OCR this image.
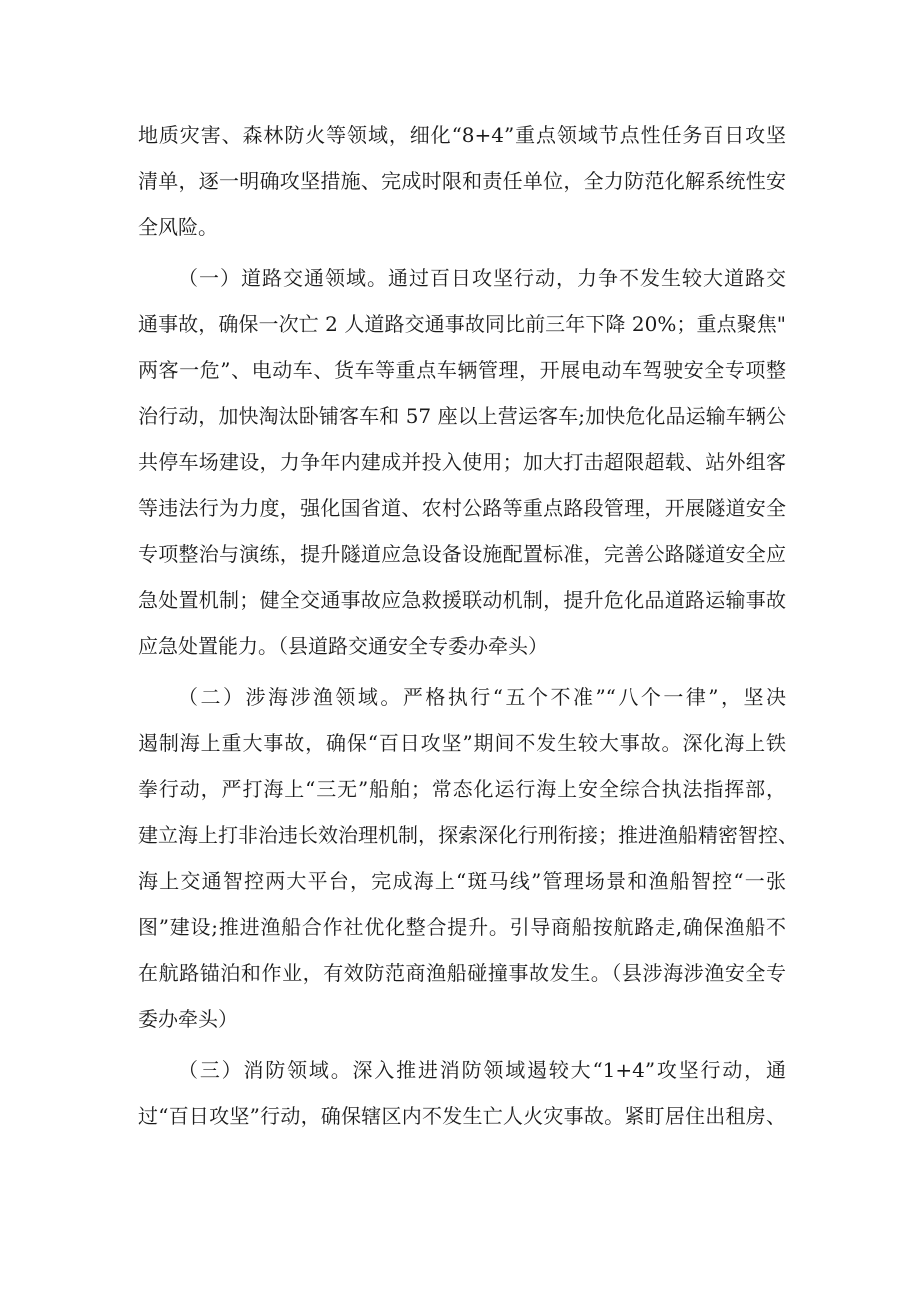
地质灾害、森林防火等领域，细化“8+4”重点领域节点性任务百日攻坚
清单，逐一明确攻坚措施、完成时限和责任单位，全力防范化解系统性安
全风险。
（一）道路交通领域。通过百日攻坚行动，力争不发生较大道路交
通事故，确保一次亡 2 人道路交通事故同比前三年下降 20%；重点聚焦"
两客一危”、电动车、货车等重点车辆管理，开展电动车驾驶安全专项整
治行动，加快淘汰卧铺客车和 57 座以上营运客车;加快危化品运输车辆公
共停车场建设，力争年内建成并投入使用；加大打击超限超载、站外组客
等违法行为力度，强化国省道、农村公路等重点路段管理，开展隧道安全
专项整治与演练，提升隧道应急设备设施配置标准，完善公路隧道安全应
急处置机制；健全交通事故应急救援联动机制，提升危化品道路运输事故
应急处置能力。（县道路交通安全专委办牵头）
（二）涉海涉渔领域。严格执行“五个不准”“八个一律”，坚决
遏制海上重大事故，确保“百日攻坚”期间不发生较大事故。深化海上铁
拳行动，严打海上“三无”船舶；常态化运行海上安全综合执法指挥部，
建立海上打非治违长效治理机制，探索深化行刑衔接；推进渔船精密智控、
海上交通智控两大平台，完成海上“斑马线”管理场景和渔船智控“一张
图”建设;推进渔船合作社优化整合提升。引导商船按航路走,确保渔船不
在航路锚泊和作业，有效防范商渔船碰撞事故发生。（县涉海涉渔安全专
委办牵头）
（三）消防领域。深入推进消防领域遏较大“1+4”攻坚行动，通
过“百日攻坚”行动，确保辖区内不发生亡人火灾事故。紧盯居住出租房、
